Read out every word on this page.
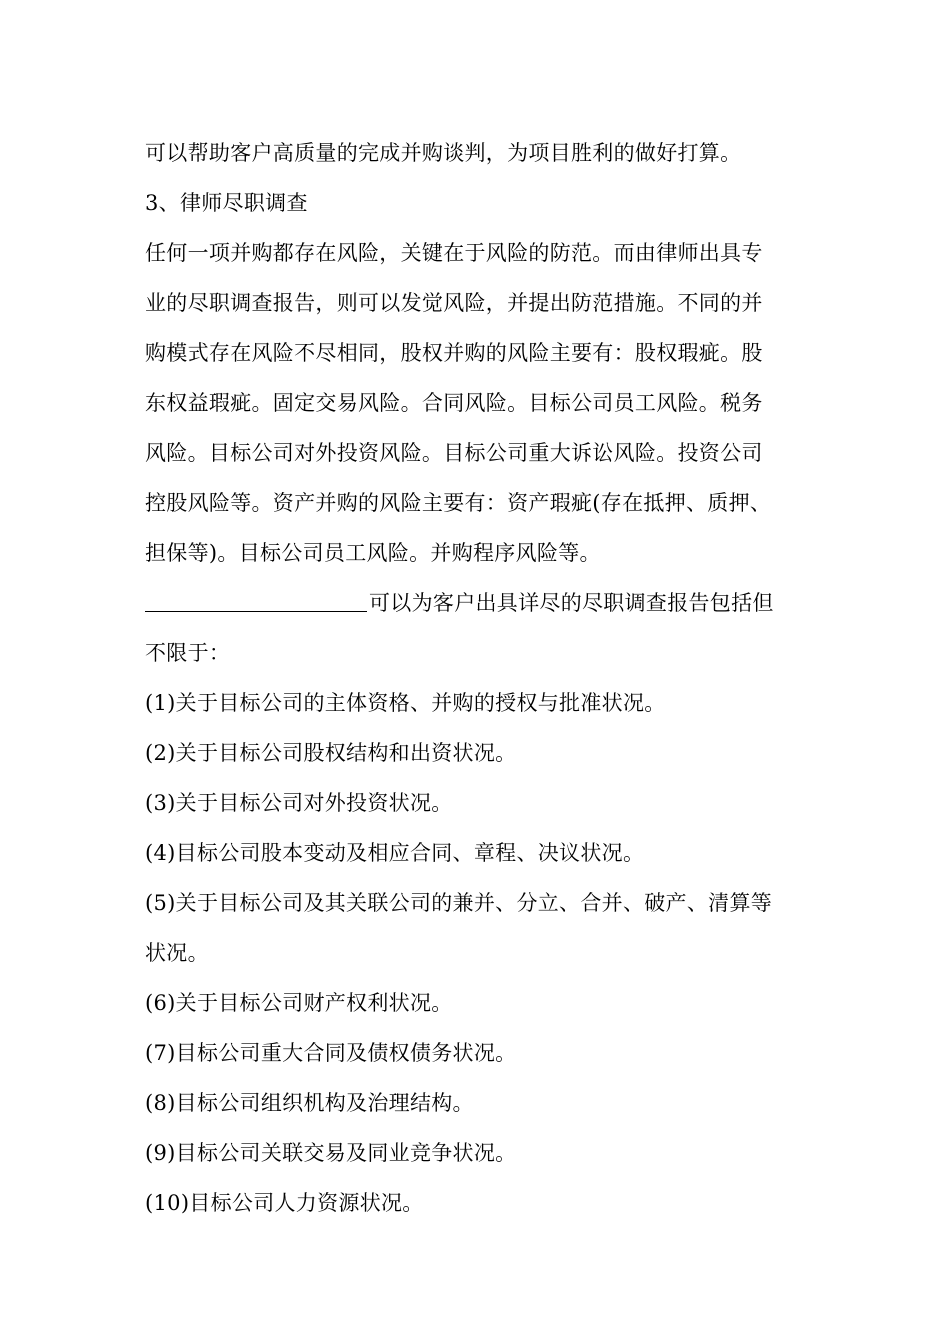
可以帮助客户高质量的完成并购谈判，为项目胜利的做好打算。
3、律师尽职调查
任何一项并购都存在风险，关键在于风险的防范。而由律师出具专
业的尽职调查报告，则可以发觉风险，并提出防范措施。不同的并
购模式存在风险不尽相同，股权并购的风险主要有：股权瑕疵。股
东权益瑕疵。固定交易风险。合同风险。目标公司员工风险。税务
风险。目标公司对外投资风险。目标公司重大诉讼风险。投资公司
控股风险等。资产并购的风险主要有：资产瑕疵(存在抵押、质押、
担保等)。目标公司员工风险。并购程序风险等。
可以为客户出具详尽的尽职调查报告包括但
不限于：
(1)关于目标公司的主体资格、并购的授权与批准状况。
(2)关于目标公司股权结构和出资状况。
(3)关于目标公司对外投资状况。
(4)目标公司股本变动及相应合同、章程、决议状况。
(5)关于目标公司及其关联公司的兼并、分立、合并、破产、清算等
状况。
(6)关于目标公司财产权利状况。
(7)目标公司重大合同及债权债务状况。
(8)目标公司组织机构及治理结构。
(9)目标公司关联交易及同业竞争状况。
(10)目标公司人力资源状况。
